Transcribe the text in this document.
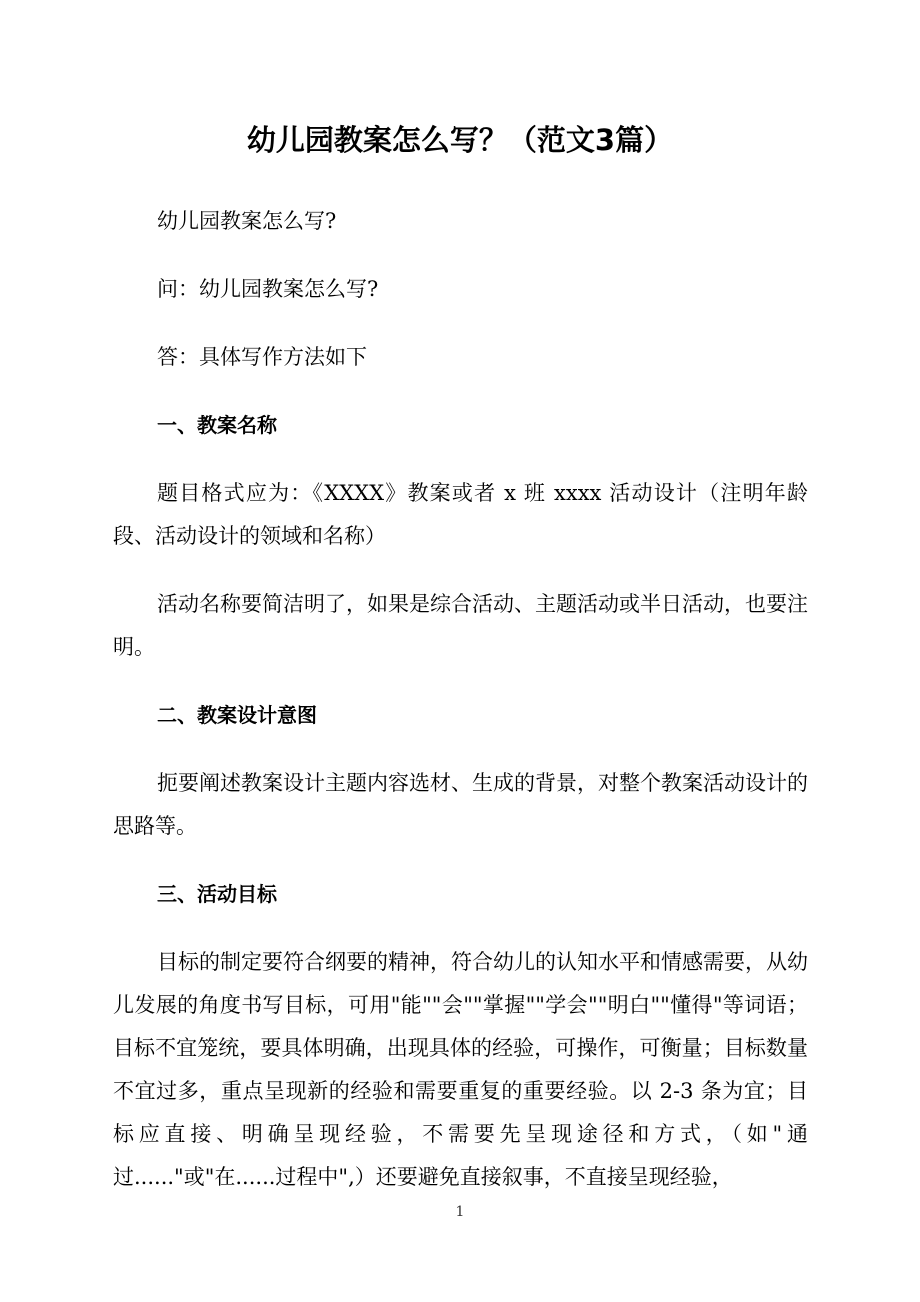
幼儿园教案怎么写？（范文3篇）

幼儿园教案怎么写?

问：幼儿园教案怎么写?

答：具体写作方法如下

一、教案名称

题目格式应为：《XXXX》教案或者 x 班 xxxx 活动设计（注明年龄段、活动设计的领域和名称）

活动名称要简洁明了，如果是综合活动、主题活动或半日活动，也要注明。

二、教案设计意图

扼要阐述教案设计主题内容选材、生成的背景，对整个教案活动设计的思路等。

三、活动目标

目标的制定要符合纲要的精神，符合幼儿的认知水平和情感需要，从幼儿发展的角度书写目标，可用"能""会""掌握""学会""明白""懂得"等词语；目标不宜笼统，要具体明确，出现具体的经验，可操作，可衡量；目标数量不宜过多，重点呈现新的经验和需要重复的重要经验。以 2-3 条为宜；目标应直接、明确呈现经验，不需要先呈现途径和方式，（如"通过......"或"在......过程中",）还要避免直接叙事，不直接呈现经验，

1
